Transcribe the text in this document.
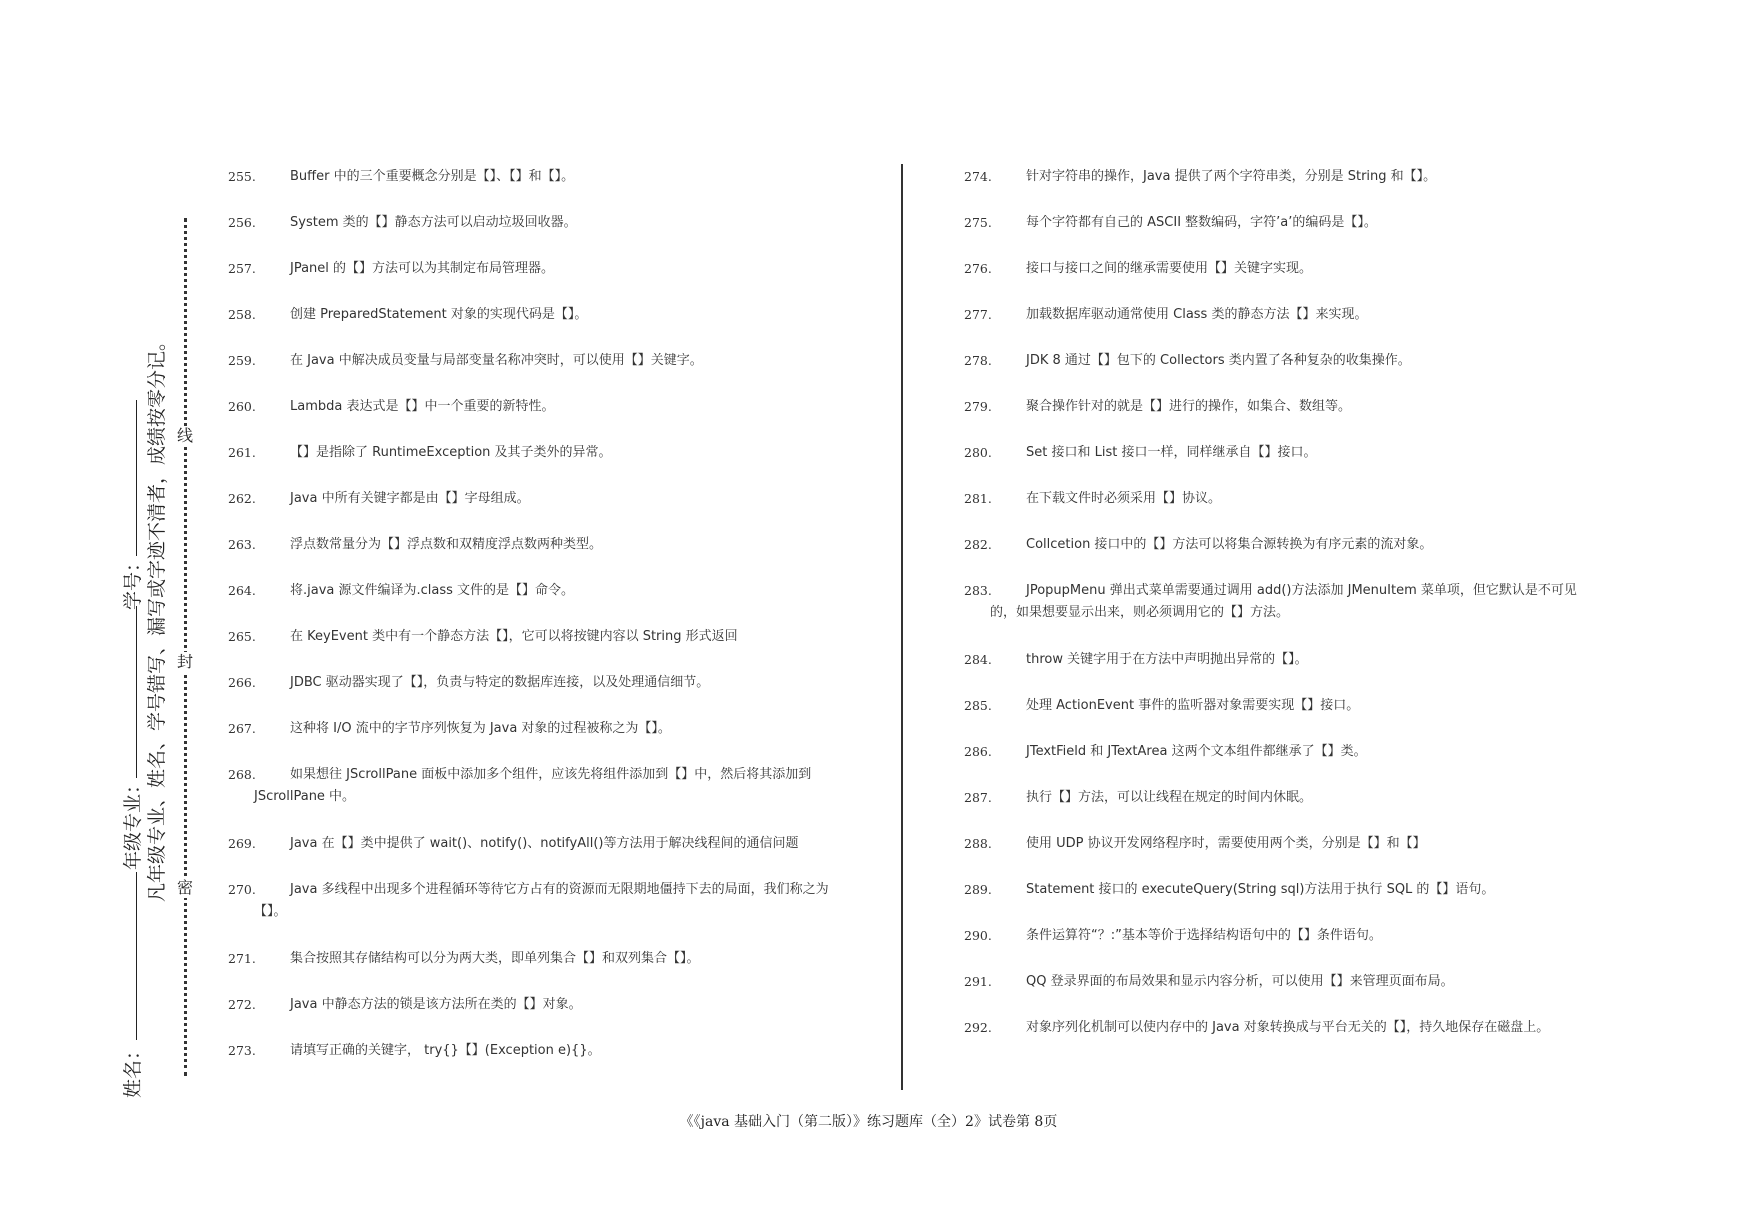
姓名：
年级专业：
学号： 凡年级专业、姓名、学号错写、漏写或字迹不清者，成绩按零分记。 密
封
线
255.	Buffer 中的三个重要概念分别是【】、【】和【】。
256.	System 类的【】静态方法可以启动垃圾回收器。
257.	JPanel 的【】方法可以为其制定布局管理器。
258.	创建 PreparedStatement 对象的实现代码是【】。
259.	在 Java 中解决成员变量与局部变量名称冲突时，可以使用【】关键字。
260.	Lambda 表达式是【】中一个重要的新特性。
261.	【】是指除了 RuntimeException 及其子类外的异常。
262.	Java 中所有关键字都是由【】字母组成。
263.	浮点数常量分为【】浮点数和双精度浮点数两种类型。
264.	将.java 源文件编译为.class 文件的是【】命令。
265.	在 KeyEvent 类中有一个静态方法【】，它可以将按键内容以 String 形式返回
266.	JDBC 驱动器实现了【】，负责与特定的数据库连接，以及处理通信细节。
267.	这种将 I/O 流中的字节序列恢复为 Java 对象的过程被称之为【】。
268.	如果想往 JScrollPane 面板中添加多个组件，应该先将组件添加到【】中，然后将其添加到 JScrollPane 中。
269.	Java 在【】类中提供了 wait()、notify()、notifyAll()等方法用于解决线程间的通信问题
270.	Java 多线程中出现多个进程循环等待它方占有的资源而无限期地僵持下去的局面，我们称之为【】。
271.	集合按照其存储结构可以分为两大类，即单列集合【】和双列集合【】。
272.	Java 中静态方法的锁是该方法所在类的【】对象。
273.	请填写正确的关键字， try{}【】(Exception e){}。
274.	针对字符串的操作，Java 提供了两个字符串类，分别是 String 和【】。
275.	每个字符都有自己的 ASCII 整数编码，字符’a’的编码是【】。
276.	接口与接口之间的继承需要使用【】关键字实现。
277.	加载数据库驱动通常使用 Class 类的静态方法【】来实现。
278.	JDK 8 通过【】包下的 Collectors 类内置了各种复杂的收集操作。
279.	聚合操作针对的就是【】进行的操作，如集合、数组等。
280.	Set 接口和 List 接口一样，同样继承自【】接口。
281.	在下载文件时必须采用【】协议。
282.	Collcetion 接口中的【】方法可以将集合源转换为有序元素的流对象。
283.	JPopupMenu 弹出式菜单需要通过调用 add()方法添加 JMenuItem 菜单项，但它默认是不可见的，如果想要显示出来，则必须调用它的【】方法。
284.	throw 关键字用于在方法中声明抛出异常的【】。
285.	处理 ActionEvent 事件的监听器对象需要实现【】接口。
286.	JTextField 和 JTextArea 这两个文本组件都继承了【】类。
287.	执行【】方法，可以让线程在规定的时间内休眠。
288.	使用 UDP 协议开发网络程序时，需要使用两个类，分别是【】和【】
289.	Statement 接口的 executeQuery(String sql)方法用于执行 SQL 的【】语句。
290.	条件运算符“？:”基本等价于选择结构语句中的【】条件语句。
291.	QQ 登录界面的布局效果和显示内容分析，可以使用【】来管理页面布局。
292.	对象序列化机制可以使内存中的 Java 对象转换成与平台无关的【】，持久地保存在磁盘上。
《《java 基础入门（第二版）》练习题库（全）2》试卷第 8页
